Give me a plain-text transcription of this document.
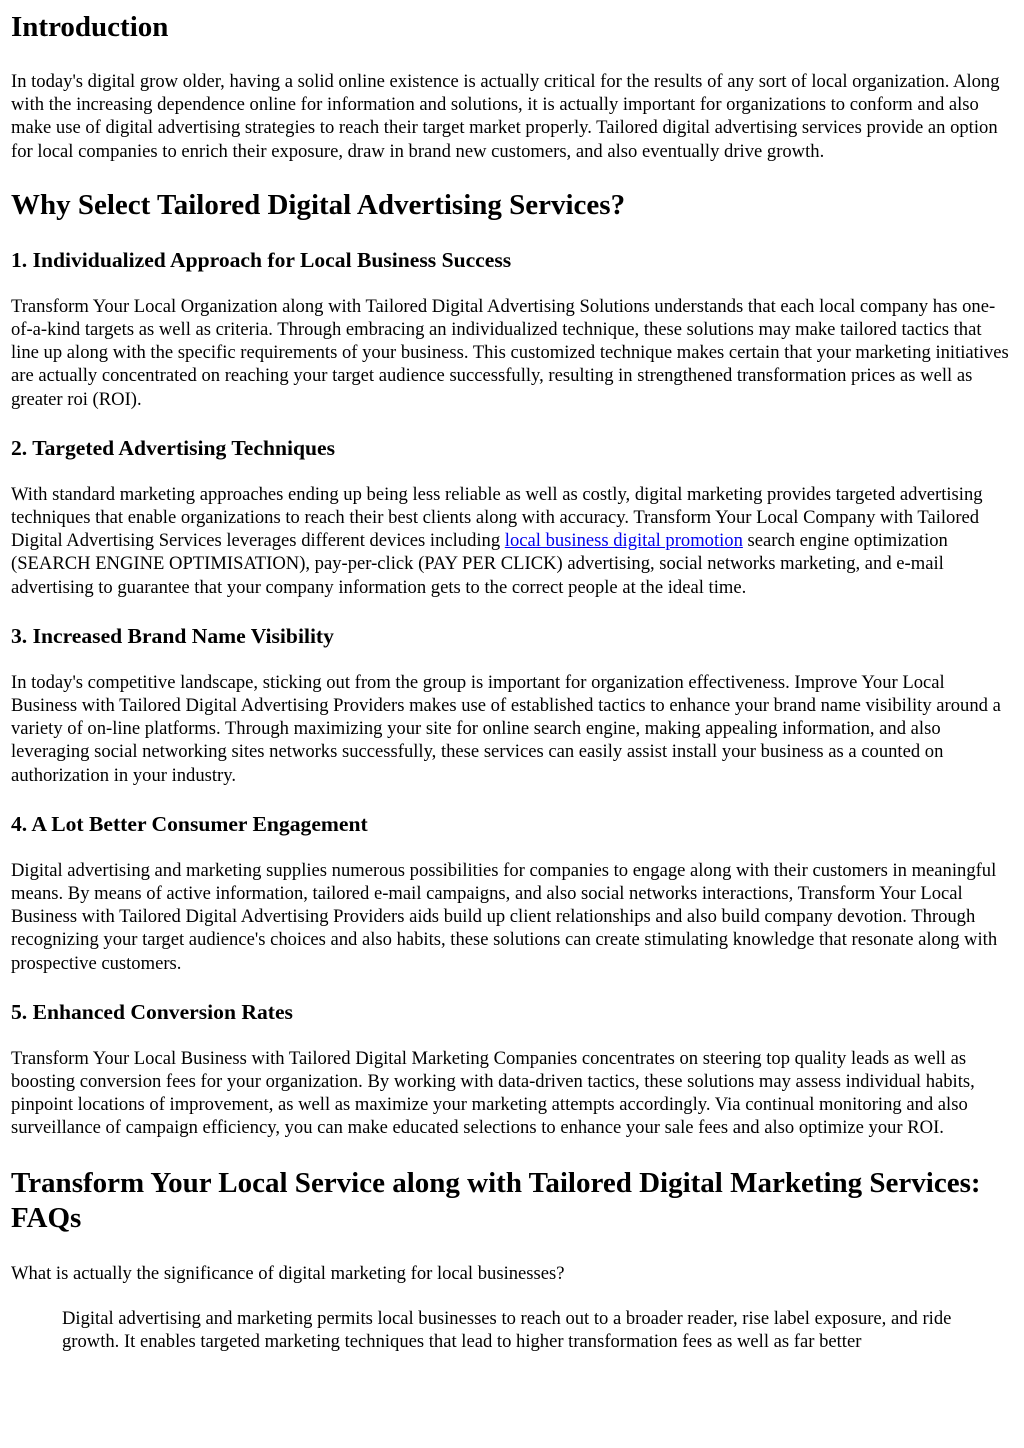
Introduction

In today's digital grow older, having a solid online existence is actually critical for the results of any sort of local organization. Along with the increasing dependence online for information and solutions, it is actually important for organizations to conform and also make use of digital advertising strategies to reach their target market properly. Tailored digital advertising services provide an option for local companies to enrich their exposure, draw in brand new customers, and also eventually drive growth.

Why Select Tailored Digital Advertising Services?
1. Individualized Approach for Local Business Success

Transform Your Local Organization along with Tailored Digital Advertising Solutions understands that each local company has one-of-a-kind targets as well as criteria. Through embracing an individualized technique, these solutions may make tailored tactics that line up along with the specific requirements of your business. This customized technique makes certain that your marketing initiatives are actually concentrated on reaching your target audience successfully, resulting in strengthened transformation prices as well as greater roi (ROI).

2. Targeted Advertising Techniques

With standard marketing approaches ending up being less reliable as well as costly, digital marketing provides targeted advertising techniques that enable organizations to reach their best clients along with accuracy. Transform Your Local Company with Tailored Digital Advertising Services leverages different devices including local business digital promotion search engine optimization (SEARCH ENGINE OPTIMISATION), pay-per-click (PAY PER CLICK) advertising, social networks marketing, and e-mail advertising to guarantee that your company information gets to the correct people at the ideal time.

3. Increased Brand Name Visibility

In today's competitive landscape, sticking out from the group is important for organization effectiveness. Improve Your Local Business with Tailored Digital Advertising Providers makes use of established tactics to enhance your brand name visibility around a variety of on-line platforms. Through maximizing your site for online search engine, making appealing information, and also leveraging social networking sites networks successfully, these services can easily assist install your business as a counted on authorization in your industry.

4. A Lot Better Consumer Engagement

Digital advertising and marketing supplies numerous possibilities for companies to engage along with their customers in meaningful means. By means of active information, tailored e-mail campaigns, and also social networks interactions, Transform Your Local Business with Tailored Digital Advertising Providers aids build up client relationships and also build company devotion. Through recognizing your target audience's choices and also habits, these solutions can create stimulating knowledge that resonate along with prospective customers.

5. Enhanced Conversion Rates

Transform Your Local Business with Tailored Digital Marketing Companies concentrates on steering top quality leads as well as boosting conversion fees for your organization. By working with data-driven tactics, these solutions may assess individual habits, pinpoint locations of improvement, as well as maximize your marketing attempts accordingly. Via continual monitoring and also surveillance of campaign efficiency, you can make educated selections to enhance your sale fees and also optimize your ROI.

Transform Your Local Service along with Tailored Digital Marketing Services: FAQs

What is actually the significance of digital marketing for local businesses?

Digital advertising and marketing permits local businesses to reach out to a broader reader, rise label exposure, and ride growth. It enables targeted marketing techniques that lead to higher transformation fees as well as far better
